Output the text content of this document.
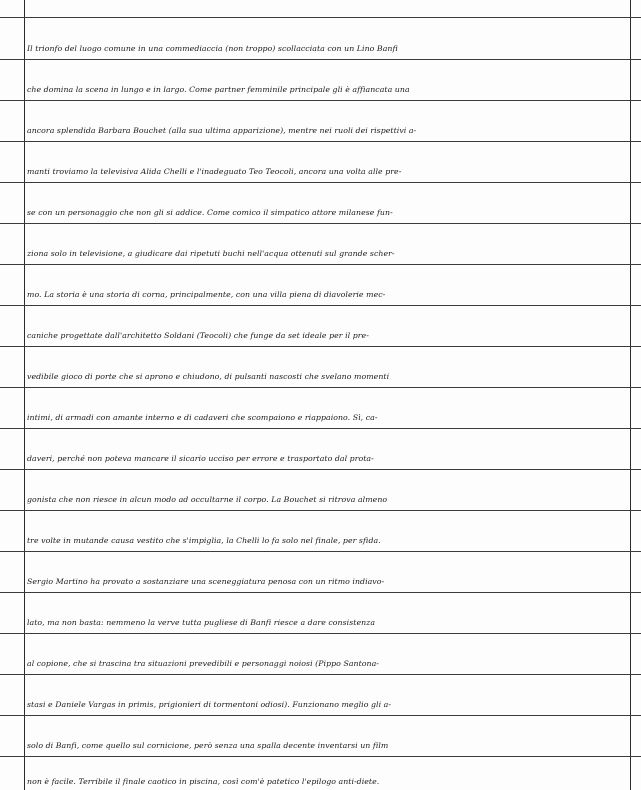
Il trionfo del luogo comune in una commediaccia (non troppo) scollacciata con un Lino Banfi
che domina la scena in lungo e in largo. Come partner femminile principale gli è affiancata una
ancora splendida Barbara Bouchet (alla sua ultima apparizione), mentre nei ruoli dei rispettivi a-
manti troviamo la televisiva Alida Chelli e l'inadeguato Teo Teocoli, ancora una volta alle pre-
se con un personaggio che non gli si addice. Come comico il simpatico attore milanese fun-
ziona solo in televisione, a giudicare dai ripetuti buchi nell'acqua ottenuti sul grande scher-
mo. La storia è una storia di corna, principalmente, con una villa piena di diavolerie mec-
caniche progettate dall'architetto Soldani (Teocoli) che funge da set ideale per il pre-
vedibile gioco di porte che si aprono e chiudono, di pulsanti nascosti che svelano momenti
intimi, di armadi con amante interno e di cadaveri che scompaiono e riappaiono. Sì, ca-
daveri, perché non poteva mancare il sicario ucciso per errore e trasportato dal prota-
gonista che non riesce in alcun modo ad occultarne il corpo. La Bouchet si ritrova almeno
tre volte in mutande causa vestito che s'impiglia, la Chelli lo fa solo nel finale, per sfida.
Sergio Martino ha provato a sostanziare una sceneggiatura penosa con un ritmo indiavo-
lato, ma non basta: nemmeno la verve tutta pugliese di Banfi riesce a dare consistenza
al copione, che si trascina tra situazioni prevedibili e personaggi noiosi (Pippo Santona-
stasi e Daniele Vargas in primis, prigionieri di tormentoni odiosi). Funzionano meglio gli a-
solo di Banfi, come quello sul cornicione, però senza una spalla decente inventarsi un film
non è facile. Terribile il finale caotico in piscina, così com'è patetico l'epilogo anti-diete.
